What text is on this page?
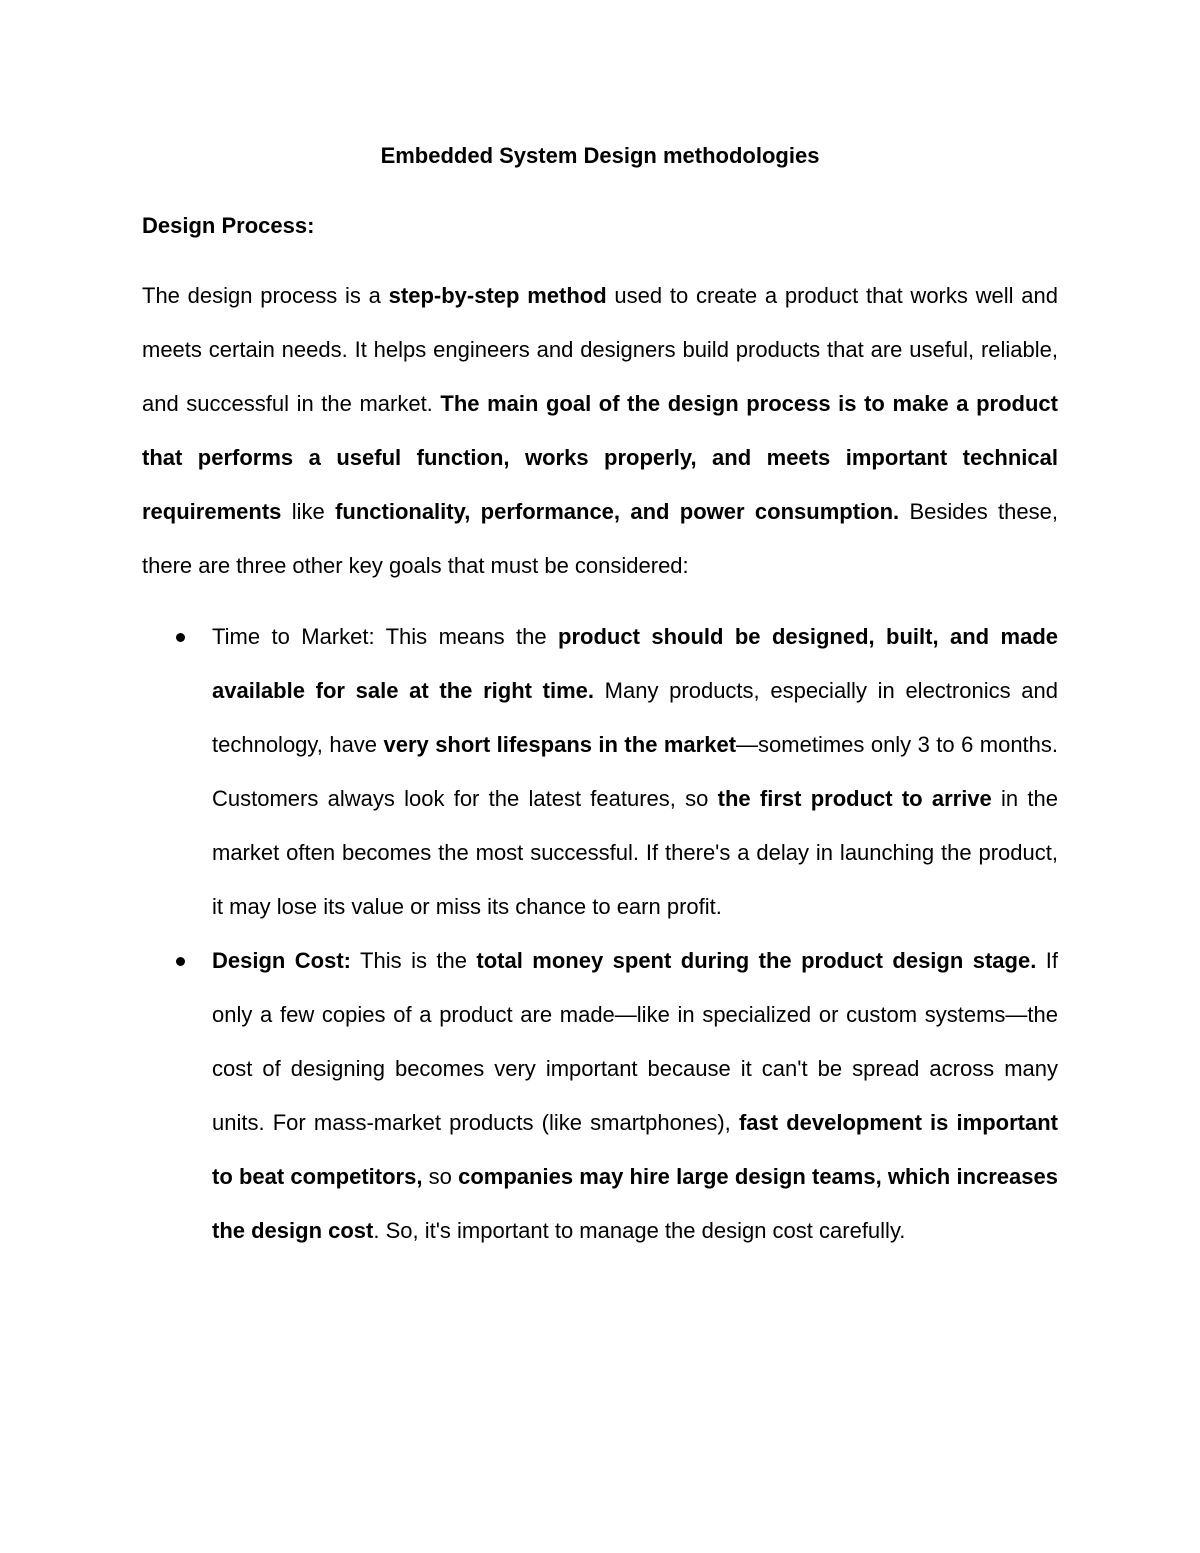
Embedded System Design methodologies
Design Process:

The design process is a step-by-step method used to create a product that works well and meets certain needs. It helps engineers and designers build products that are useful, reliable, and successful in the market. The main goal of the design process is to make a product that performs a useful function, works properly, and meets important technical requirements like functionality, performance, and power consumption. Besides these, there are three other key goals that must be considered:

Time to Market: This means the product should be designed, built, and made available for sale at the right time. Many products, especially in electronics and technology, have very short lifespans in the market—sometimes only 3 to 6 months. Customers always look for the latest features, so the first product to arrive in the market often becomes the most successful. If there's a delay in launching the product, it may lose its value or miss its chance to earn profit.
Design Cost: This is the total money spent during the product design stage. If only a few copies of a product are made—like in specialized or custom systems—the cost of designing becomes very important because it can't be spread across many units. For mass-market products (like smartphones), fast development is important to beat competitors, so companies may hire large design teams, which increases the design cost. So, it's important to manage the design cost carefully.
